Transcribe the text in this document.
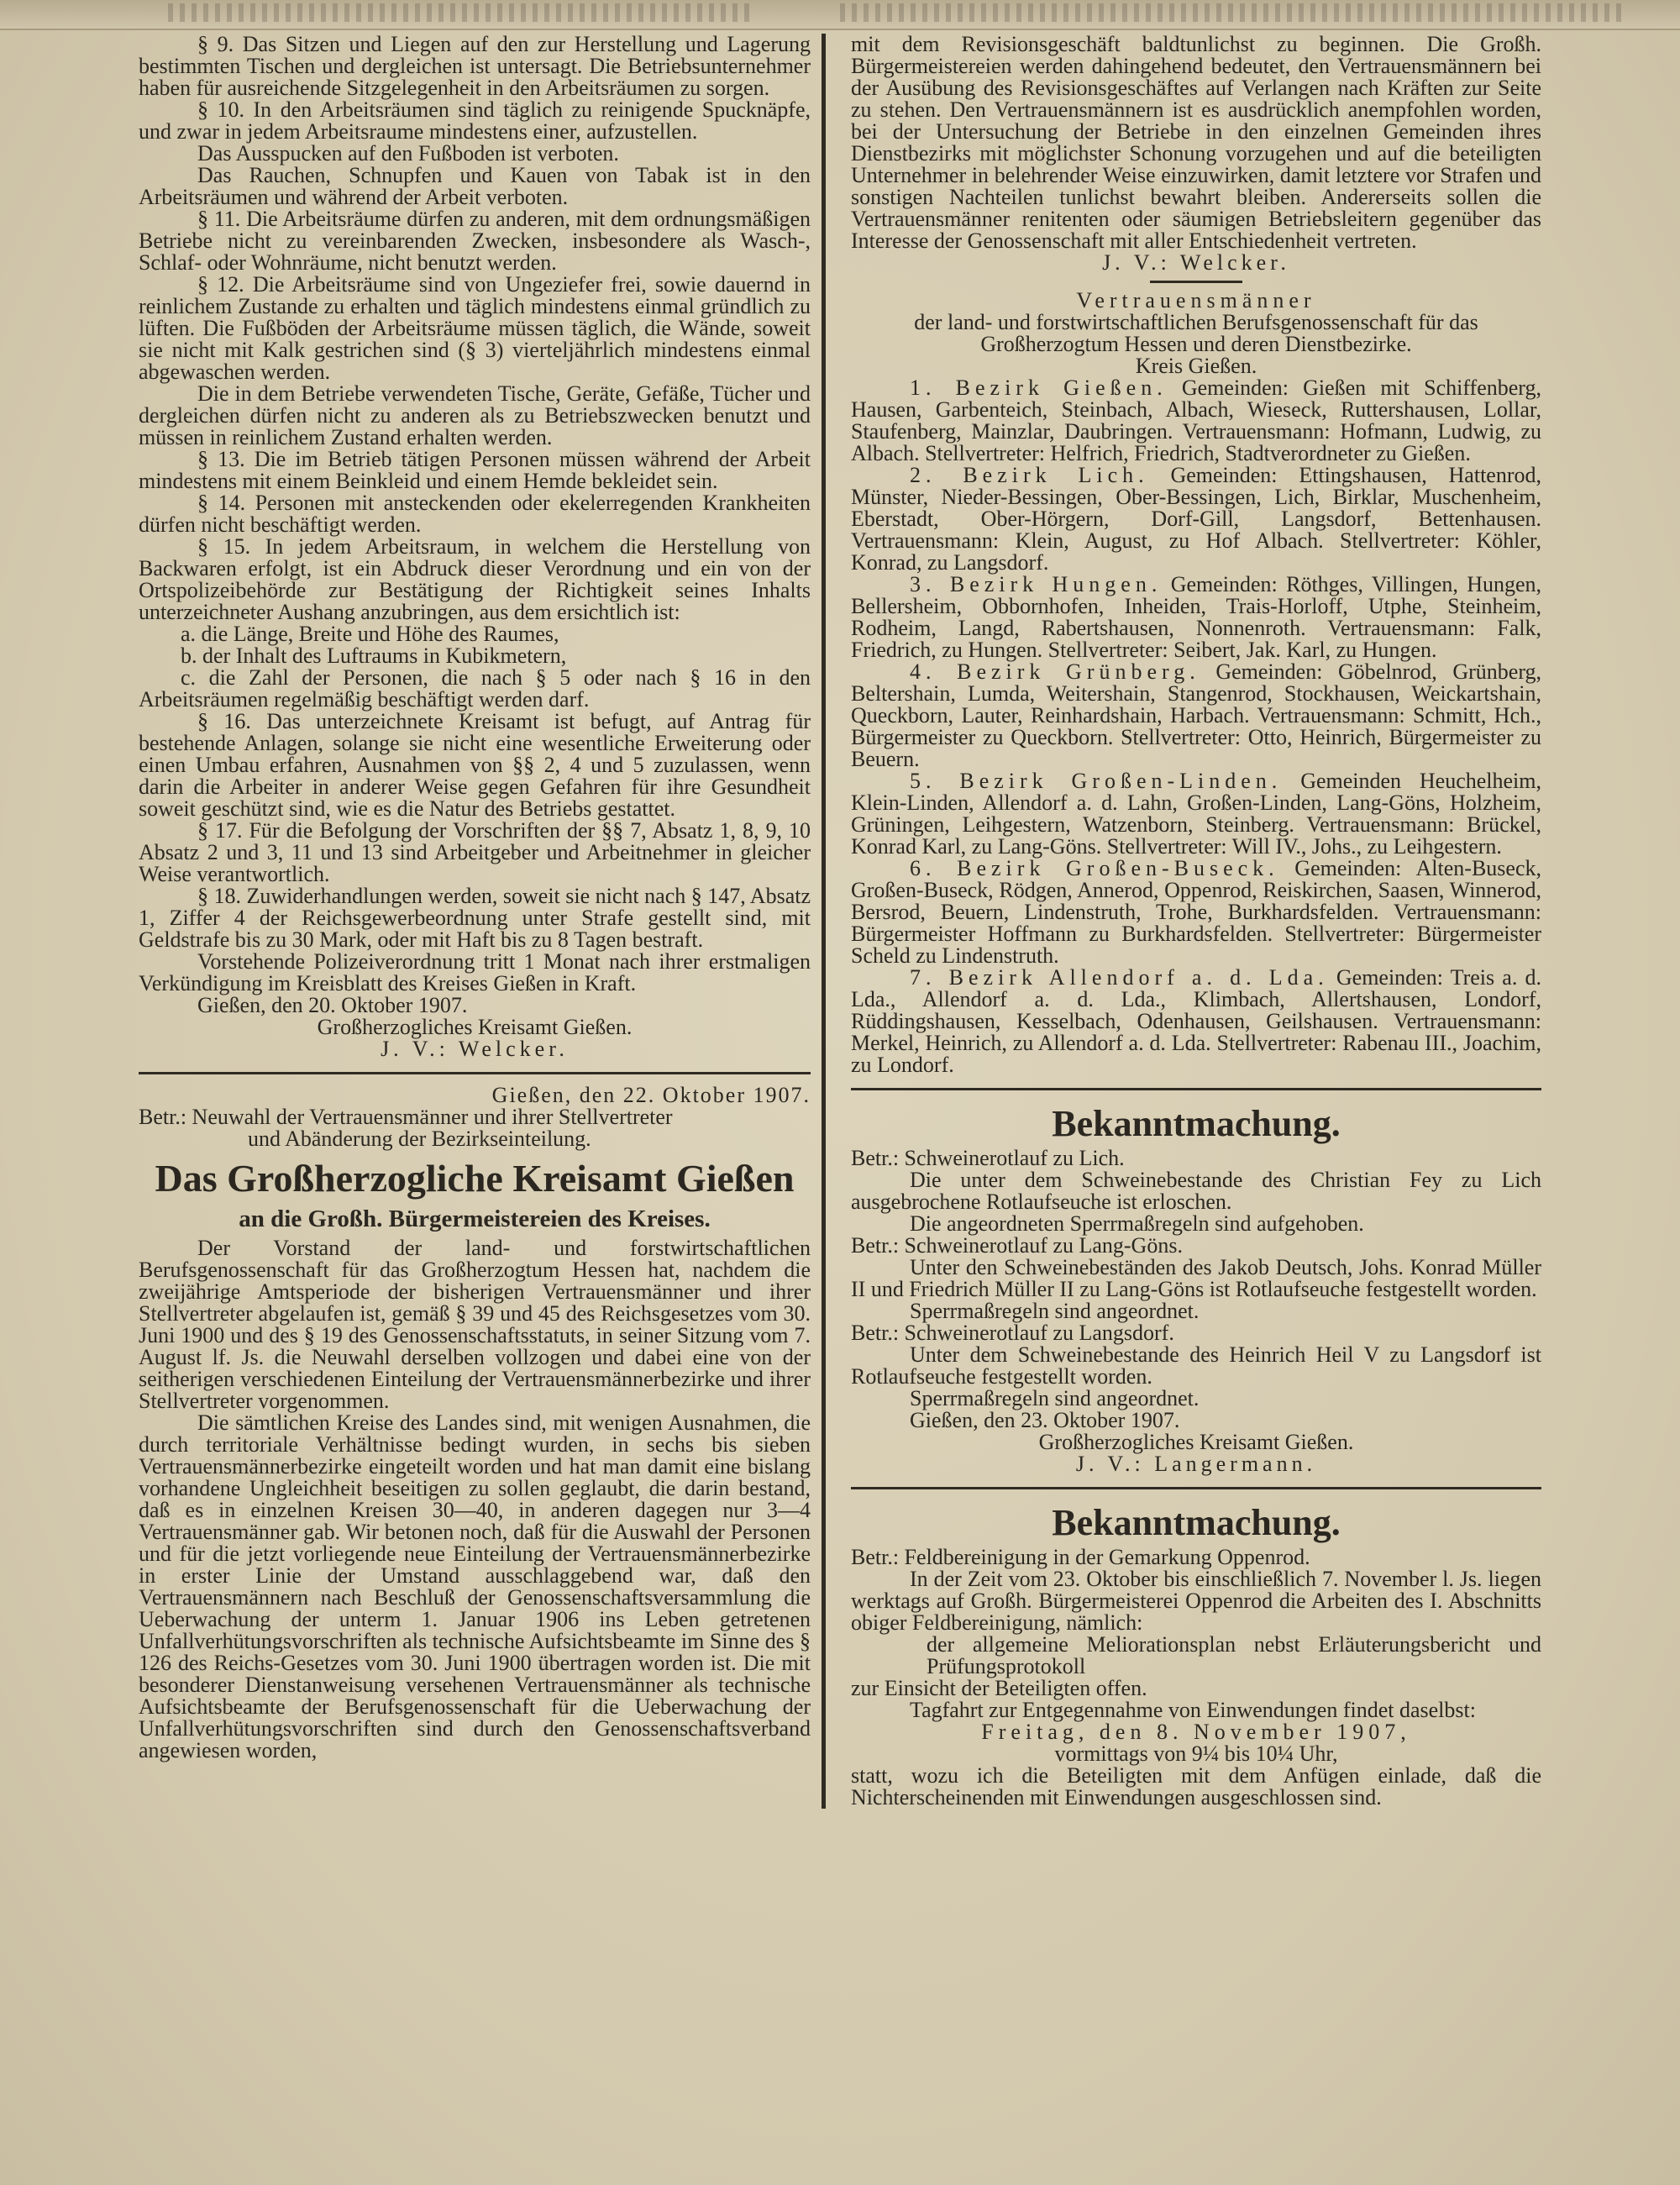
§ 9. Das Sitzen und Liegen auf den zur Herstellung und Lagerung bestimmten Tischen und dergleichen ist untersagt. Die Betriebsunternehmer haben für ausreichende Sitzgelegenheit in den Arbeitsräumen zu sorgen.

§ 10. In den Arbeitsräumen sind täglich zu reinigende Spucknäpfe, und zwar in jedem Arbeitsraume mindestens einer, aufzustellen.

Das Ausspucken auf den Fußboden ist verboten.

Das Rauchen, Schnupfen und Kauen von Tabak ist in den Arbeitsräumen und während der Arbeit verboten.

§ 11. Die Arbeitsräume dürfen zu anderen, mit dem ordnungsmäßigen Betriebe nicht zu vereinbarenden Zwecken, insbesondere als Wasch-, Schlaf- oder Wohnräume, nicht benutzt werden.

§ 12. Die Arbeitsräume sind von Ungeziefer frei, sowie dauernd in reinlichem Zustande zu erhalten und täglich mindestens einmal gründlich zu lüften. Die Fußböden der Arbeitsräume müssen täglich, die Wände, soweit sie nicht mit Kalk gestrichen sind (§ 3) vierteljährlich mindestens einmal abgewaschen werden.

Die in dem Betriebe verwendeten Tische, Geräte, Gefäße, Tücher und dergleichen dürfen nicht zu anderen als zu Betriebszwecken benutzt und müssen in reinlichem Zustand erhalten werden.

§ 13. Die im Betrieb tätigen Personen müssen während der Arbeit mindestens mit einem Beinkleid und einem Hemde bekleidet sein.

§ 14. Personen mit ansteckenden oder ekelerregenden Krankheiten dürfen nicht beschäftigt werden.

§ 15. In jedem Arbeitsraum, in welchem die Herstellung von Backwaren erfolgt, ist ein Abdruck dieser Verordnung und ein von der Ortspolizeibehörde zur Bestätigung der Richtigkeit seines Inhalts unterzeichneter Aushang anzubringen, aus dem ersichtlich ist:

a. die Länge, Breite und Höhe des Raumes,

b. der Inhalt des Luftraums in Kubikmetern,

c. die Zahl der Personen, die nach § 5 oder nach § 16 in den Arbeitsräumen regelmäßig beschäftigt werden darf.

§ 16. Das unterzeichnete Kreisamt ist befugt, auf Antrag für bestehende Anlagen, solange sie nicht eine wesentliche Erweiterung oder einen Umbau erfahren, Ausnahmen von §§ 2, 4 und 5 zuzulassen, wenn darin die Arbeiter in anderer Weise gegen Gefahren für ihre Gesundheit soweit geschützt sind, wie es die Natur des Betriebs gestattet.

§ 17. Für die Befolgung der Vorschriften der §§ 7, Absatz 1, 8, 9, 10 Absatz 2 und 3, 11 und 13 sind Arbeitgeber und Arbeitnehmer in gleicher Weise verantwortlich.

§ 18. Zuwiderhandlungen werden, soweit sie nicht nach § 147, Absatz 1, Ziffer 4 der Reichsgewerbeordnung unter Strafe gestellt sind, mit Geldstrafe bis zu 30 Mark, oder mit Haft bis zu 8 Tagen bestraft.

Vorstehende Polizeiverordnung tritt 1 Monat nach ihrer erstmaligen Verkündigung im Kreisblatt des Kreises Gießen in Kraft.

Gießen, den 20. Oktober 1907.

Großherzogliches Kreisamt Gießen.

J. V.: Welcker.

Gießen, den 22. Oktober 1907.

Betr.: Neuwahl der Vertrauensmänner und ihrer Stellvertreter

und Abänderung der Bezirkseinteilung.

Das Großherzogliche Kreisamt Gießen

an die Großh. Bürgermeistereien des Kreises.

Der Vorstand der land- und forstwirtschaftlichen Berufsgenossenschaft für das Großherzogtum Hessen hat, nachdem die zweijährige Amtsperiode der bisherigen Vertrauensmänner und ihrer Stellvertreter abgelaufen ist, gemäß § 39 und 45 des Reichsgesetzes vom 30. Juni 1900 und des § 19 des Genossenschaftsstatuts, in seiner Sitzung vom 7. August lf. Js. die Neuwahl derselben vollzogen und dabei eine von der seitherigen verschiedenen Einteilung der Vertrauensmännerbezirke und ihrer Stellvertreter vorgenommen.

Die sämtlichen Kreise des Landes sind, mit wenigen Ausnahmen, die durch territoriale Verhältnisse bedingt wurden, in sechs bis sieben Vertrauensmännerbezirke eingeteilt worden und hat man damit eine bislang vorhandene Ungleichheit beseitigen zu sollen geglaubt, die darin bestand, daß es in einzelnen Kreisen 30—40, in anderen dagegen nur 3—4 Vertrauensmänner gab. Wir betonen noch, daß für die Auswahl der Personen und für die jetzt vorliegende neue Einteilung der Vertrauensmännerbezirke in erster Linie der Umstand ausschlaggebend war, daß den Vertrauensmännern nach Beschluß der Genossenschaftsversammlung die Ueberwachung der unterm 1. Januar 1906 ins Leben getretenen Unfallverhütungsvorschriften als technische Aufsichtsbeamte im Sinne des § 126 des Reichs-Gesetzes vom 30. Juni 1900 übertragen worden ist. Die mit besonderer Dienstanweisung versehenen Vertrauensmänner als technische Aufsichtsbeamte der Berufsgenossenschaft für die Ueberwachung der Unfallverhütungsvorschriften sind durch den Genossenschaftsverband angewiesen worden,

mit dem Revisionsgeschäft baldtunlichst zu beginnen. Die Großh. Bürgermeistereien werden dahingehend bedeutet, den Vertrauensmännern bei der Ausübung des Revisionsgeschäftes auf Verlangen nach Kräften zur Seite zu stehen. Den Vertrauensmännern ist es ausdrücklich anempfohlen worden, bei der Untersuchung der Betriebe in den einzelnen Gemeinden ihres Dienstbezirks mit möglichster Schonung vorzugehen und auf die beteiligten Unternehmer in belehrender Weise einzuwirken, damit letztere vor Strafen und sonstigen Nachteilen tunlichst bewahrt bleiben. Andererseits sollen die Vertrauensmänner renitenten oder säumigen Betriebsleitern gegenüber das Interesse der Genossenschaft mit aller Entschiedenheit vertreten.

J. V.: Welcker.

Vertrauensmänner

der land- und forstwirtschaftlichen Berufsgenossenschaft für das Großherzogtum Hessen und deren Dienstbezirke.

Kreis Gießen.

1. Bezirk Gießen. Gemeinden: Gießen mit Schiffenberg, Hausen, Garbenteich, Steinbach, Albach, Wieseck, Ruttershausen, Lollar, Staufenberg, Mainzlar, Daubringen. Vertrauensmann: Hofmann, Ludwig, zu Albach. Stellvertreter: Helfrich, Friedrich, Stadtverordneter zu Gießen.

2. Bezirk Lich. Gemeinden: Ettingshausen, Hattenrod, Münster, Nieder-Bessingen, Ober-Bessingen, Lich, Birklar, Muschenheim, Eberstadt, Ober-Hörgern, Dorf-Gill, Langsdorf, Bettenhausen. Vertrauensmann: Klein, August, zu Hof Albach. Stellvertreter: Köhler, Konrad, zu Langsdorf.

3. Bezirk Hungen. Gemeinden: Röthges, Villingen, Hungen, Bellersheim, Obbornhofen, Inheiden, Trais-Horloff, Utphe, Steinheim, Rodheim, Langd, Rabertshausen, Nonnenroth. Vertrauensmann: Falk, Friedrich, zu Hungen. Stellvertreter: Seibert, Jak. Karl, zu Hungen.

4. Bezirk Grünberg. Gemeinden: Göbelnrod, Grünberg, Beltershain, Lumda, Weitershain, Stangenrod, Stockhausen, Weickartshain, Queckborn, Lauter, Reinhardshain, Harbach. Vertrauensmann: Schmitt, Hch., Bürgermeister zu Queckborn. Stellvertreter: Otto, Heinrich, Bürgermeister zu Beuern.

5. Bezirk Großen-Linden. Gemeinden Heuchelheim, Klein-Linden, Allendorf a. d. Lahn, Großen-Linden, Lang-Göns, Holzheim, Grüningen, Leihgestern, Watzenborn, Steinberg. Vertrauensmann: Brückel, Konrad Karl, zu Lang-Göns. Stellvertreter: Will IV., Johs., zu Leihgestern.

6. Bezirk Großen-Buseck. Gemeinden: Alten-Buseck, Großen-Buseck, Rödgen, Annerod, Oppenrod, Reiskirchen, Saasen, Winnerod, Bersrod, Beuern, Lindenstruth, Trohe, Burkhardsfelden. Vertrauensmann: Bürgermeister Hoffmann zu Burkhardsfelden. Stellvertreter: Bürgermeister Scheld zu Lindenstruth.

7. Bezirk Allendorf a. d. Lda. Gemeinden: Treis a. d. Lda., Allendorf a. d. Lda., Klimbach, Allertshausen, Londorf, Rüddingshausen, Kesselbach, Odenhausen, Geilshausen. Vertrauensmann: Merkel, Heinrich, zu Allendorf a. d. Lda. Stellvertreter: Rabenau III., Joachim, zu Londorf.

Bekanntmachung.

Betr.: Schweinerotlauf zu Lich.

Die unter dem Schweinebestande des Christian Fey zu Lich ausgebrochene Rotlaufseuche ist erloschen.

Die angeordneten Sperrmaßregeln sind aufgehoben.

Betr.: Schweinerotlauf zu Lang-Göns.

Unter den Schweinebeständen des Jakob Deutsch, Johs. Konrad Müller II und Friedrich Müller II zu Lang-Göns ist Rotlaufseuche festgestellt worden.

Sperrmaßregeln sind angeordnet.

Betr.: Schweinerotlauf zu Langsdorf.

Unter dem Schweinebestande des Heinrich Heil V zu Langsdorf ist Rotlaufseuche festgestellt worden.

Sperrmaßregeln sind angeordnet.

Gießen, den 23. Oktober 1907.

Großherzogliches Kreisamt Gießen.

J. V.: Langermann.

Bekanntmachung.

Betr.: Feldbereinigung in der Gemarkung Oppenrod.

In der Zeit vom 23. Oktober bis einschließlich 7. November l. Js. liegen werktags auf Großh. Bürgermeisterei Oppenrod die Arbeiten des I. Abschnitts obiger Feldbereinigung, nämlich:

der allgemeine Meliorationsplan nebst Erläuterungsbericht und Prüfungsprotokoll

zur Einsicht der Beteiligten offen.

Tagfahrt zur Entgegennahme von Einwendungen findet daselbst:

Freitag, den 8. November 1907,

vormittags von 9¼ bis 10¼ Uhr,

statt, wozu ich die Beteiligten mit dem Anfügen einlade, daß die Nichterscheinenden mit Einwendungen ausgeschlossen sind.
